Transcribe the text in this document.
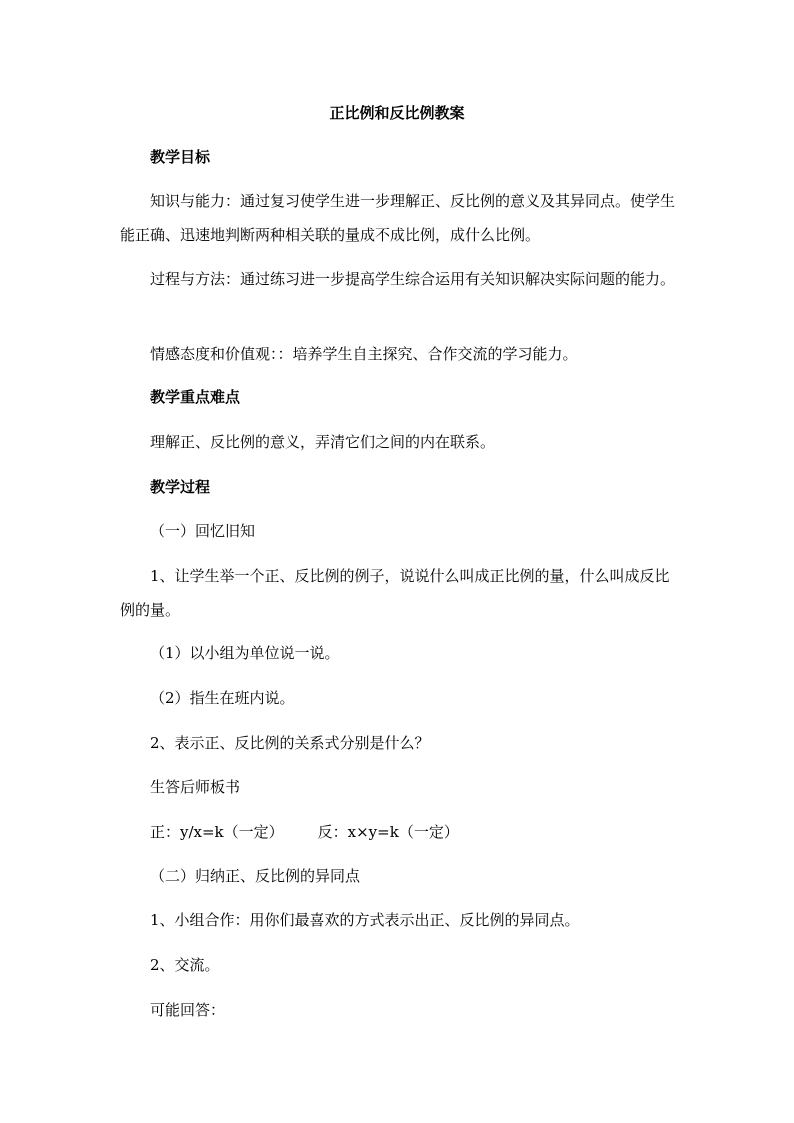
正比例和反比例教案
教学目标
知识与能力：通过复习使学生进一步理解正、反比例的意义及其异同点。使学生能正确、迅速地判断两种相关联的量成不成比例，成什么比例。
过程与方法：通过练习进一步提高学生综合运用有关知识解决实际问题的能力。
情感态度和价值观：：培养学生自主探究、合作交流的学习能力。
教学重点难点
理解正、反比例的意义，弄清它们之间的内在联系。
教学过程
（一）回忆旧知
1、让学生举一个正、反比例的例子，说说什么叫成正比例的量，什么叫成反比例的量。
（1）以小组为单位说一说。
（2）指生在班内说。
2、表示正、反比例的关系式分别是什么？
生答后师板书
正：y/x=k（一定） 反：x×y=k（一定）
（二）归纳正、反比例的异同点
1、小组合作：用你们最喜欢的方式表示出正、反比例的异同点。
2、交流。
可能回答：
